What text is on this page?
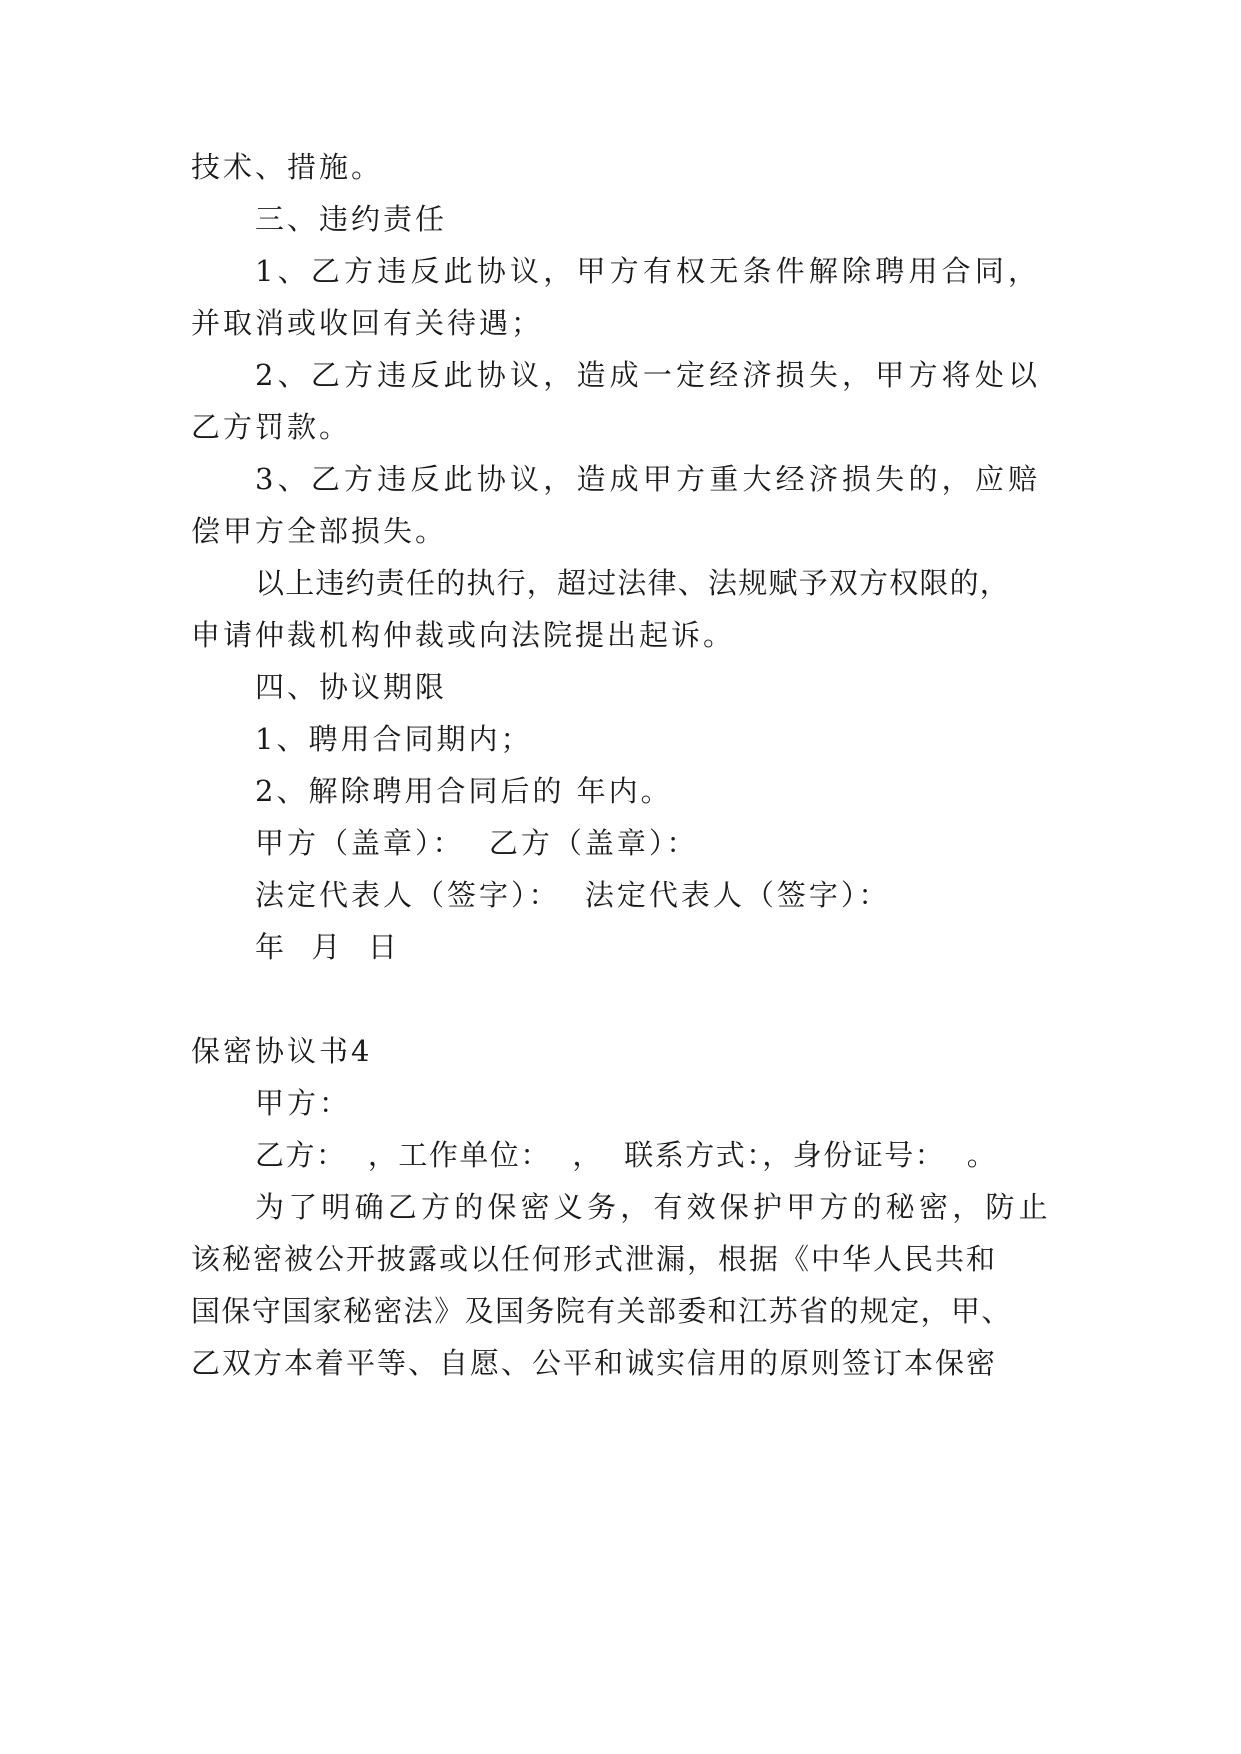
技术、措施。
三、违约责任
1、乙方违反此协议，甲方有权无条件解除聘用合同，
并取消或收回有关待遇；
2、乙方违反此协议，造成一定经济损失，甲方将处以
乙方罚款。
3、乙方违反此协议，造成甲方重大经济损失的，应赔
偿甲方全部损失。
以上违约责任的执行，超过法律、法规赋予双方权限的，
申请仲裁机构仲裁或向法院提出起诉。
四、协议期限
1、聘用合同期内；
2、解除聘用合同后的 年内。
甲方（盖章）：  乙方（盖章）：
法定代表人（签字）：  法定代表人（签字）：
年  月  日
保密协议书4
甲方：
乙方：  ，工作单位：  ，  联系方式：，身份证号：  。
为了明确乙方的保密义务，有效保护甲方的秘密，防止
该秘密被公开披露或以任何形式泄漏，根据《中华人民共和
国保守国家秘密法》及国务院有关部委和江苏省的规定，甲、
乙双方本着平等、自愿、公平和诚实信用的原则签订本保密
